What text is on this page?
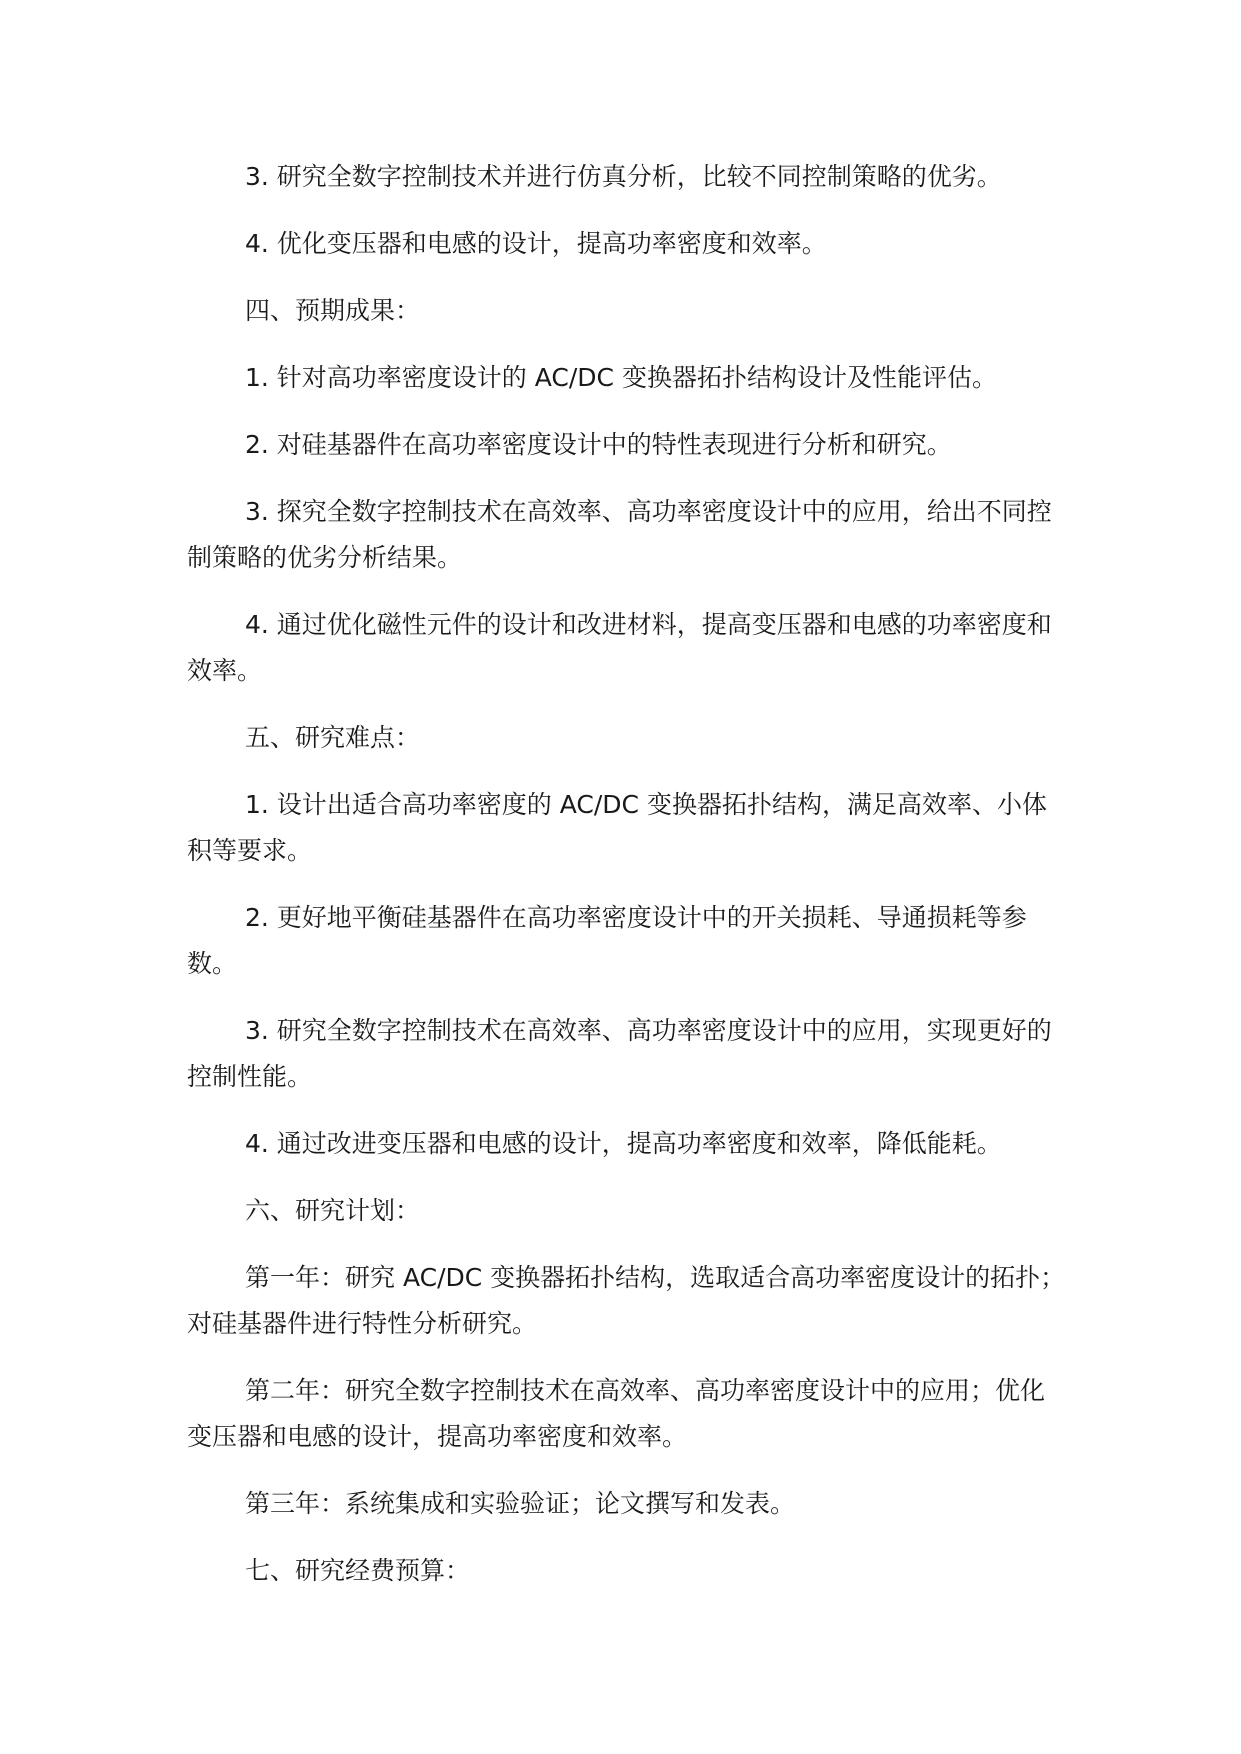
3. 研究全数字控制技术并进行仿真分析，比较不同控制策略的优劣。

4. 优化变压器和电感的设计，提高功率密度和效率。

四、预期成果：

1. 针对高功率密度设计的 AC/DC 变换器拓扑结构设计及性能评估。

2. 对硅基器件在高功率密度设计中的特性表现进行分析和研究。

3. 探究全数字控制技术在高效率、高功率密度设计中的应用，给出不同控制策略的优劣分析结果。

4. 通过优化磁性元件的设计和改进材料，提高变压器和电感的功率密度和效率。

五、研究难点：

1. 设计出适合高功率密度的 AC/DC 变换器拓扑结构，满足高效率、小体积等要求。

2. 更好地平衡硅基器件在高功率密度设计中的开关损耗、导通损耗等参数。

3. 研究全数字控制技术在高效率、高功率密度设计中的应用，实现更好的控制性能。

4. 通过改进变压器和电感的设计，提高功率密度和效率，降低能耗。

六、研究计划：

第一年：研究 AC/DC 变换器拓扑结构，选取适合高功率密度设计的拓扑；对硅基器件进行特性分析研究。

第二年：研究全数字控制技术在高效率、高功率密度设计中的应用；优化变压器和电感的设计，提高功率密度和效率。

第三年：系统集成和实验验证；论文撰写和发表。

七、研究经费预算：
